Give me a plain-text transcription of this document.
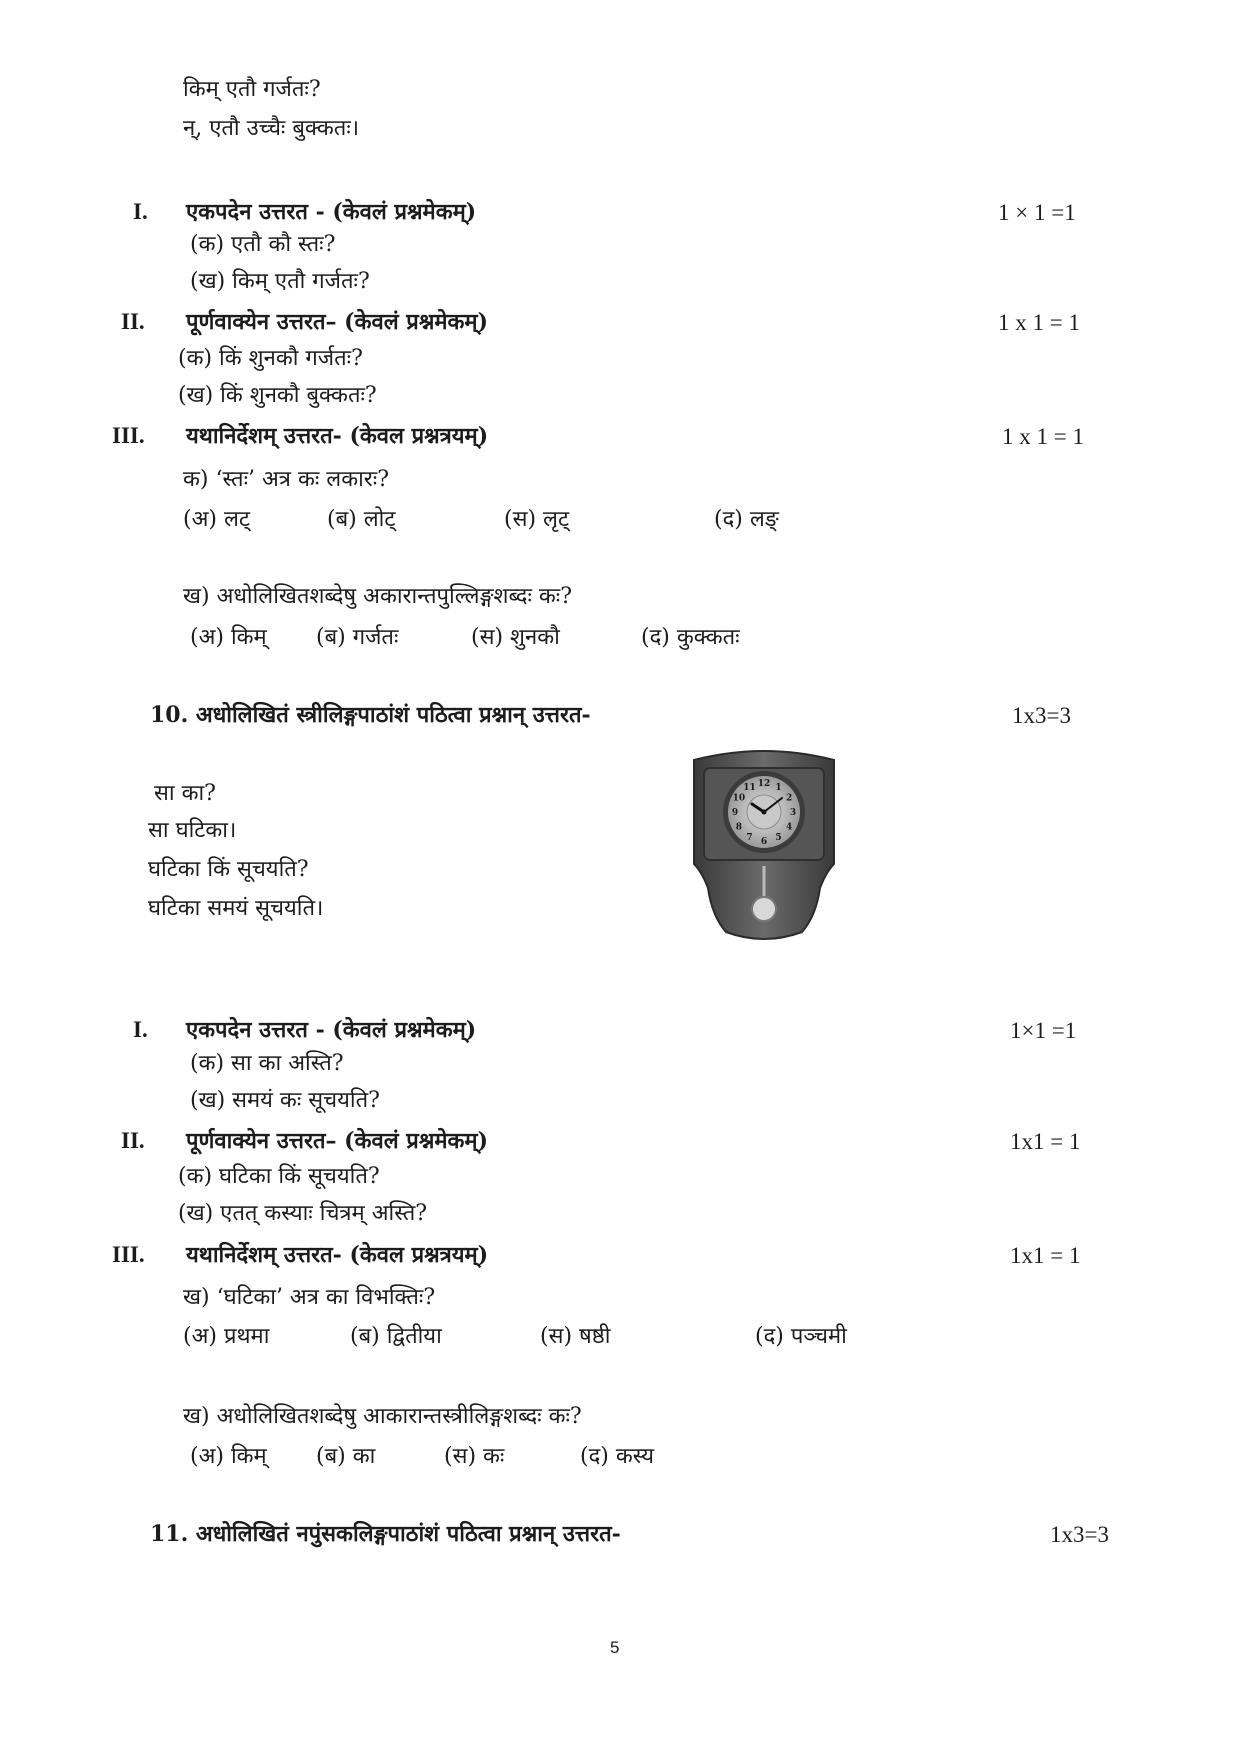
किम् एतौ गर्जतः?
न्, एतौ उच्चैः बुक्कतः।
I. एकपदेन उत्तरत - (केवलं प्रश्नमेकम्)	1 × 1 =1
(क) एतौ कौ स्तः?
(ख) किम् एतौ गर्जतः?
II. पूर्णवाक्येन उत्तरत– (केवलं प्रश्नमेकम्)	1 x 1 = 1
(क) किं शुनकौ गर्जतः?
(ख) किं शुनकौ बुक्कतः?
III. यथानिर्देशम् उत्तरत- (केवल प्रश्नत्रयम्)	1 x 1 = 1
क) ‘स्तः’ अत्र कः लकारः?
(अ) लट्	(ब) लोट्	(स) लृट्	(द) लङ्
ख) अधोलिखितशब्देषु अकारान्तपुल्लिङ्गशब्दः कः?
(अ) किम् (ब) गर्जतः	(स) शुनकौ	(द) कुक्कतः
10. अधोलिखितं स्त्रीलिङ्गपाठांशं पठित्वा प्रश्नान् उत्तरत-	1x3=3
सा का?
सा घटिका।
घटिका किं सूचयति?
घटिका समयं सूचयति।
12 1
2
3
4
5
6
7
8
9
10
11
I. एकपदेन उत्तरत - (केवलं प्रश्नमेकम्)	1×1 =1
(क) सा का अस्ति?
(ख) समयं कः सूचयति?
II. पूर्णवाक्येन उत्तरत– (केवलं प्रश्नमेकम्)	1x1 = 1
(क) घटिका किं सूचयति?
(ख) एतत् कस्याः चित्रम् अस्ति?
III. यथानिर्देशम् उत्तरत- (केवल प्रश्नत्रयम्)	1x1 = 1
ख) ‘घटिका’ अत्र का विभक्तिः?
(अ) प्रथमा	(ब) द्वितीया	(स) षष्ठी	(द) पञ्चमी
ख) अधोलिखितशब्देषु आकारान्तस्त्रीलिङ्गशब्दः कः?
(अ) किम् (ब) का	(स) कः	(द) कस्य
11. अधोलिखितं नपुंसकलिङ्गपाठांशं पठित्वा प्रश्नान् उत्तरत-	1x3=3
5
